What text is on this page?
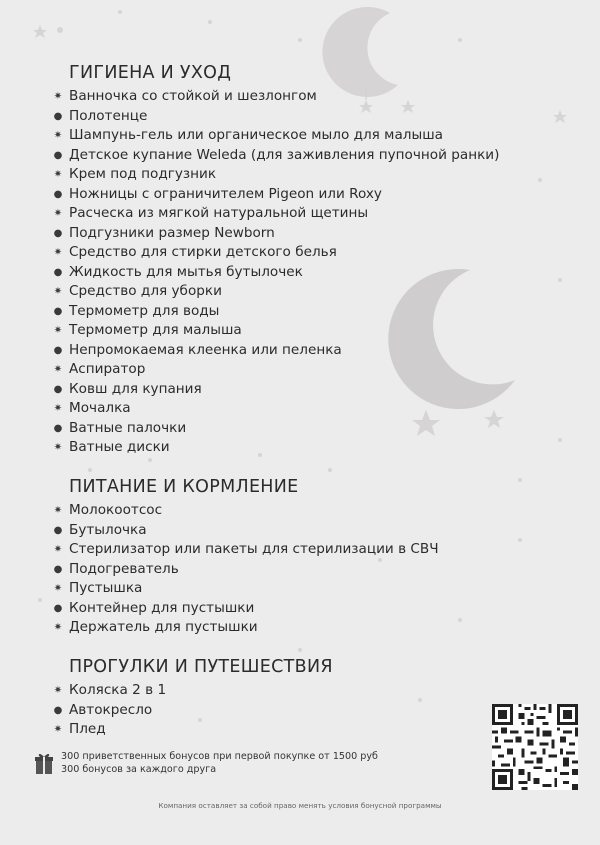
ГИГИЕНА И УХОД
✷ Ванночка со стойкой и шезлонгом
● Полотенце
✷ Шампунь-гель или органическое мыло для малыша
● Детское купание Weleda (для заживления пупочной ранки)
✷ Крем под подгузник
● Ножницы с ограничителем Pigeon или Roxy
✷ Расческа из мягкой натуральной щетины
● Подгузники размер Newborn
✷ Средство для стирки детского белья
● Жидкость для мытья бутылочек
✷ Средство для уборки
● Термометр для воды
✷ Термометр для малыша
● Непромокаемая клеенка или пеленка
✷ Аспиратор
● Ковш для купания
✷ Мочалка
● Ватные палочки
✷ Ватные диски
ПИТАНИЕ И КОРМЛЕНИЕ
✷ Молокоотсос
● Бутылочка
✷ Стерилизатор или пакеты для стерилизации в СВЧ
● Подогреватель
✷ Пустышка
● Контейнер для пустышки
✷ Держатель для пустышки
ПРОГУЛКИ И ПУТЕШЕСТВИЯ
✷ Коляска 2 в 1
● Автокресло
✷ Плед
300 приветственных бонусов при первой покупке от 1500 руб
300 бонусов за каждого друга
Компания оставляет за собой право менять условия бонусной программы
